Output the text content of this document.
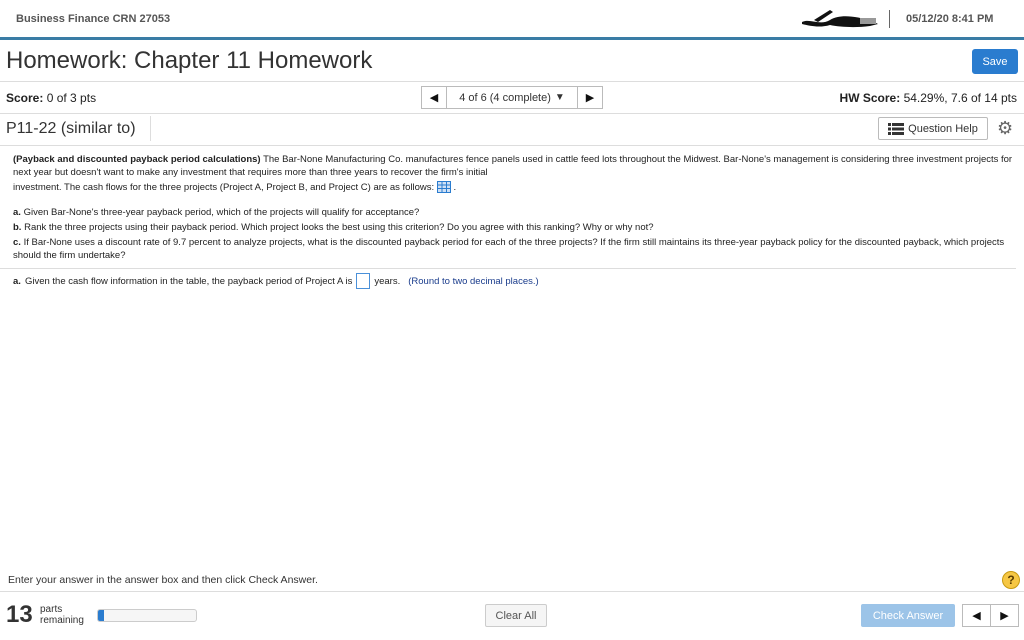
Business Finance CRN 27053	05/12/20 8:41 PM
Homework: Chapter 11 Homework	Save
Score: 0 of 3 pts	◀ 4 of 6 (4 complete) ▼ ▶	HW Score: 54.29%, 7.6 of 14 pts
P11-22 (similar to)	Question Help ⚙

(Payback and discounted payback period calculations) The Bar-None Manufacturing Co. manufactures fence panels used in cattle feed lots throughout the Midwest. Bar-None's management is considering three investment projects for next year but doesn't want to make any investment that requires more than three years to recover the firm's initial

investment. The cash flows for the three projects (Project A, Project B, and Project C) are as follows:  .

a. Given Bar-None's three-year payback period, which of the projects will qualify for acceptance?

b. Rank the three projects using their payback period. Which project looks the best using this criterion? Do you agree with this ranking? Why or why not?

c. If Bar-None uses a discount rate of 9.7 percent to analyze projects, what is the discounted payback period for each of the three projects? If the firm still maintains its three-year payback policy for the discounted payback, which projects should the firm undertake?

a. Given the cash flow information in the table, the payback period of Project A is years. (Round to two decimal places.)
Enter your answer in the answer box and then click Check Answer.	?
13 parts
remaining	Clear All	Check Answer	◀ ▶
